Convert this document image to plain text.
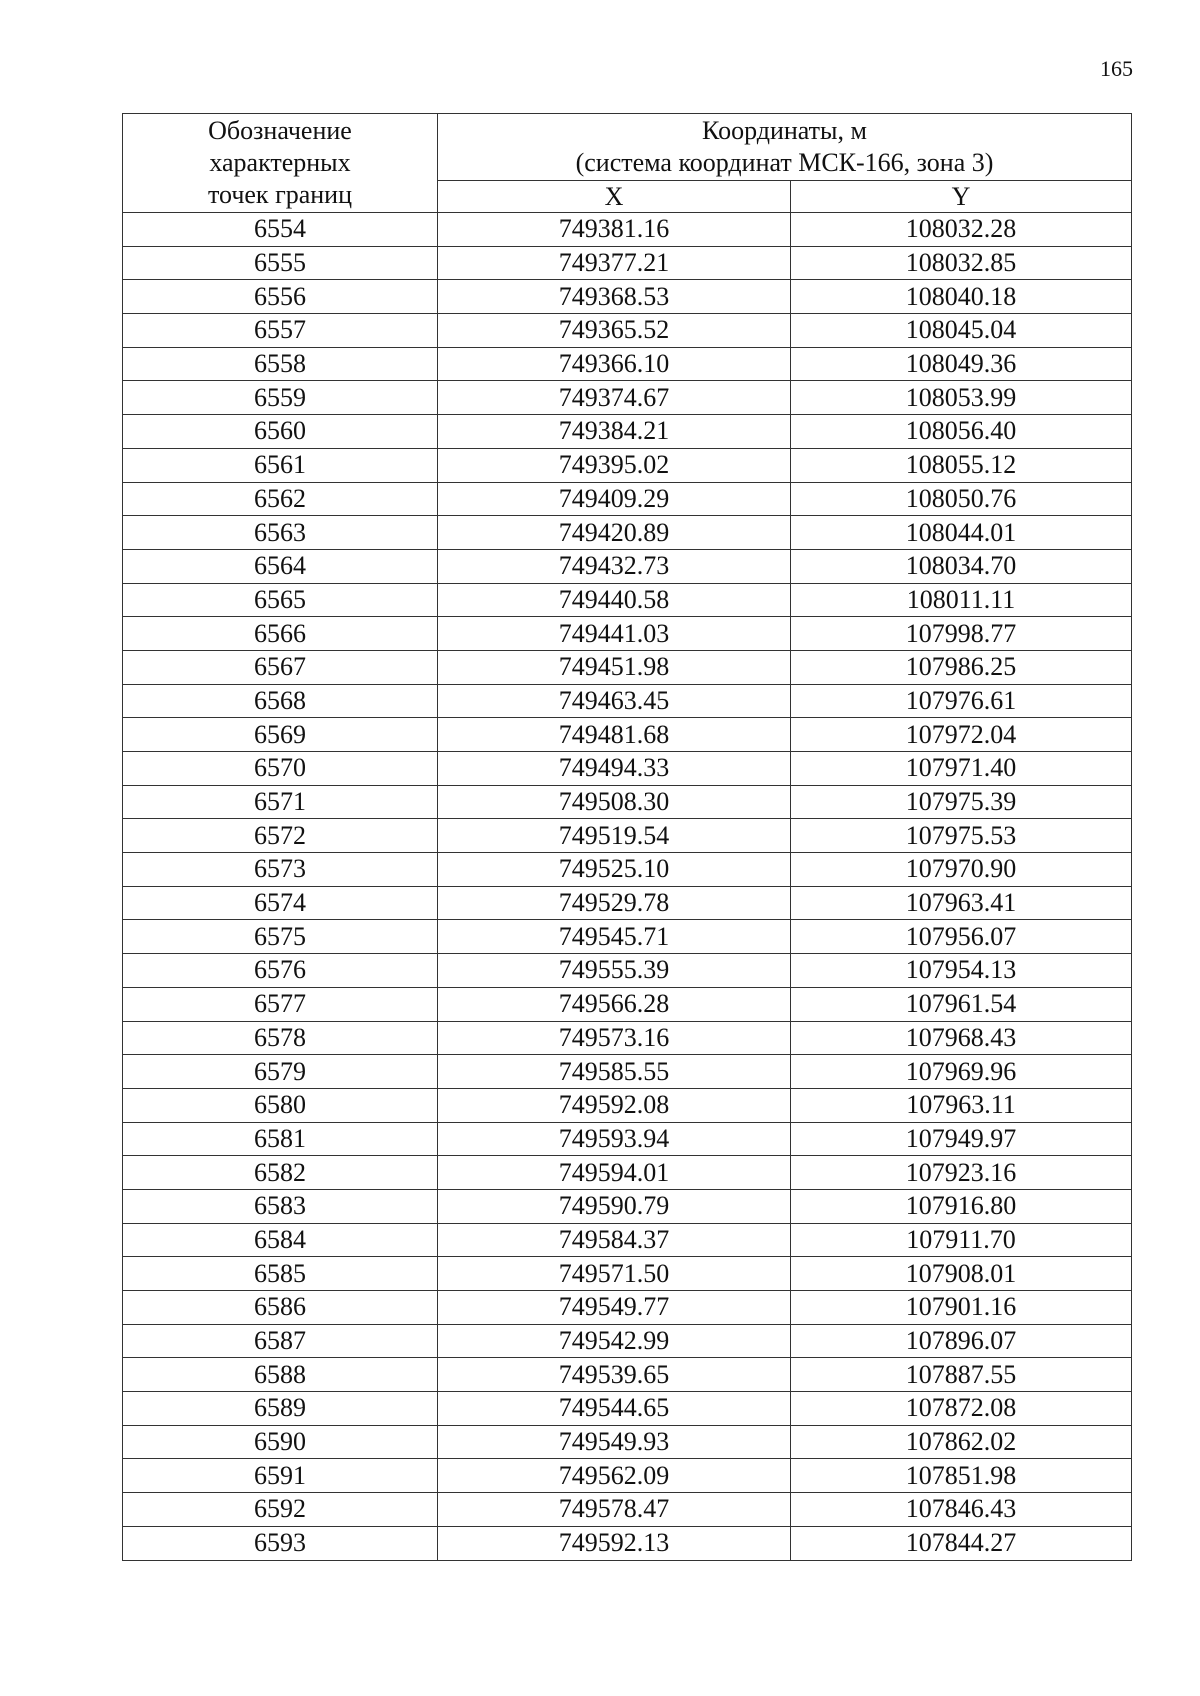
165
Обозначение
характерных
точек границ	Координаты, м
(система координат МСК-166, зона 3)	

	X	Y
6554	749381.16	108032.28
6555	749377.21	108032.85
6556	749368.53	108040.18
6557	749365.52	108045.04
6558	749366.10	108049.36
6559	749374.67	108053.99
6560	749384.21	108056.40
6561	749395.02	108055.12
6562	749409.29	108050.76
6563	749420.89	108044.01
6564	749432.73	108034.70
6565	749440.58	108011.11
6566	749441.03	107998.77
6567	749451.98	107986.25
6568	749463.45	107976.61
6569	749481.68	107972.04
6570	749494.33	107971.40
6571	749508.30	107975.39
6572	749519.54	107975.53
6573	749525.10	107970.90
6574	749529.78	107963.41
6575	749545.71	107956.07
6576	749555.39	107954.13
6577	749566.28	107961.54
6578	749573.16	107968.43
6579	749585.55	107969.96
6580	749592.08	107963.11
6581	749593.94	107949.97
6582	749594.01	107923.16
6583	749590.79	107916.80
6584	749584.37	107911.70
6585	749571.50	107908.01
6586	749549.77	107901.16
6587	749542.99	107896.07
6588	749539.65	107887.55
6589	749544.65	107872.08
6590	749549.93	107862.02
6591	749562.09	107851.98
6592	749578.47	107846.43
6593	749592.13	107844.27
